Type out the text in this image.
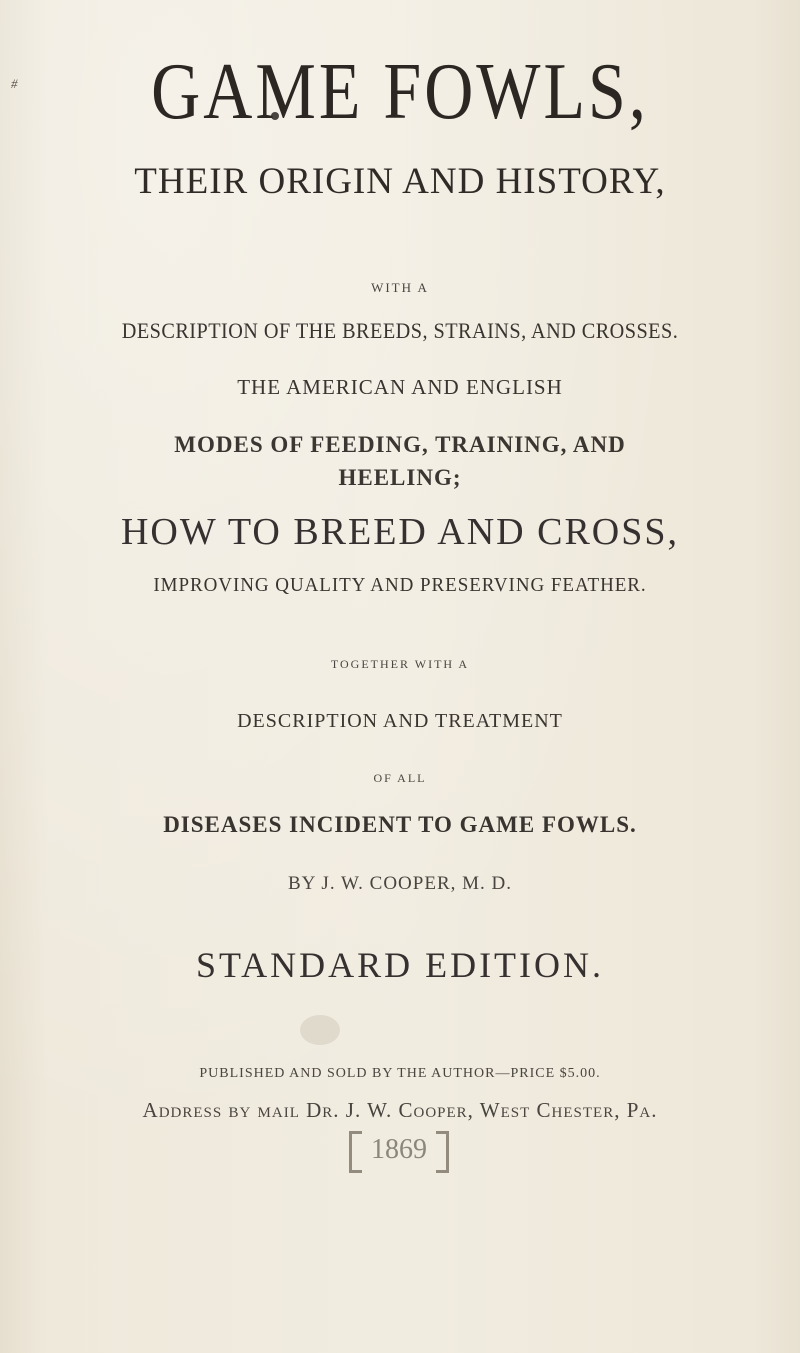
#	GAME FOWLS,
THEIR ORIGIN AND HISTORY,
WITH A
DESCRIPTION OF THE BREEDS, STRAINS, AND CROSSES.
THE AMERICAN AND ENGLISH
MODES OF FEEDING, TRAINING, AND
HEELING;
HOW TO BREED AND CROSS,
IMPROVING QUALITY AND PRESERVING FEATHER.
TOGETHER WITH A
DESCRIPTION AND TREATMENT
OF ALL
DISEASES INCIDENT TO GAME FOWLS.
BY J. W. COOPER, M. D.
STANDARD EDITION.
PUBLISHED AND SOLD BY THE AUTHOR—PRICE $5.00.
Address by mail Dr. J. W. Cooper, West Chester, Pa.
1869
